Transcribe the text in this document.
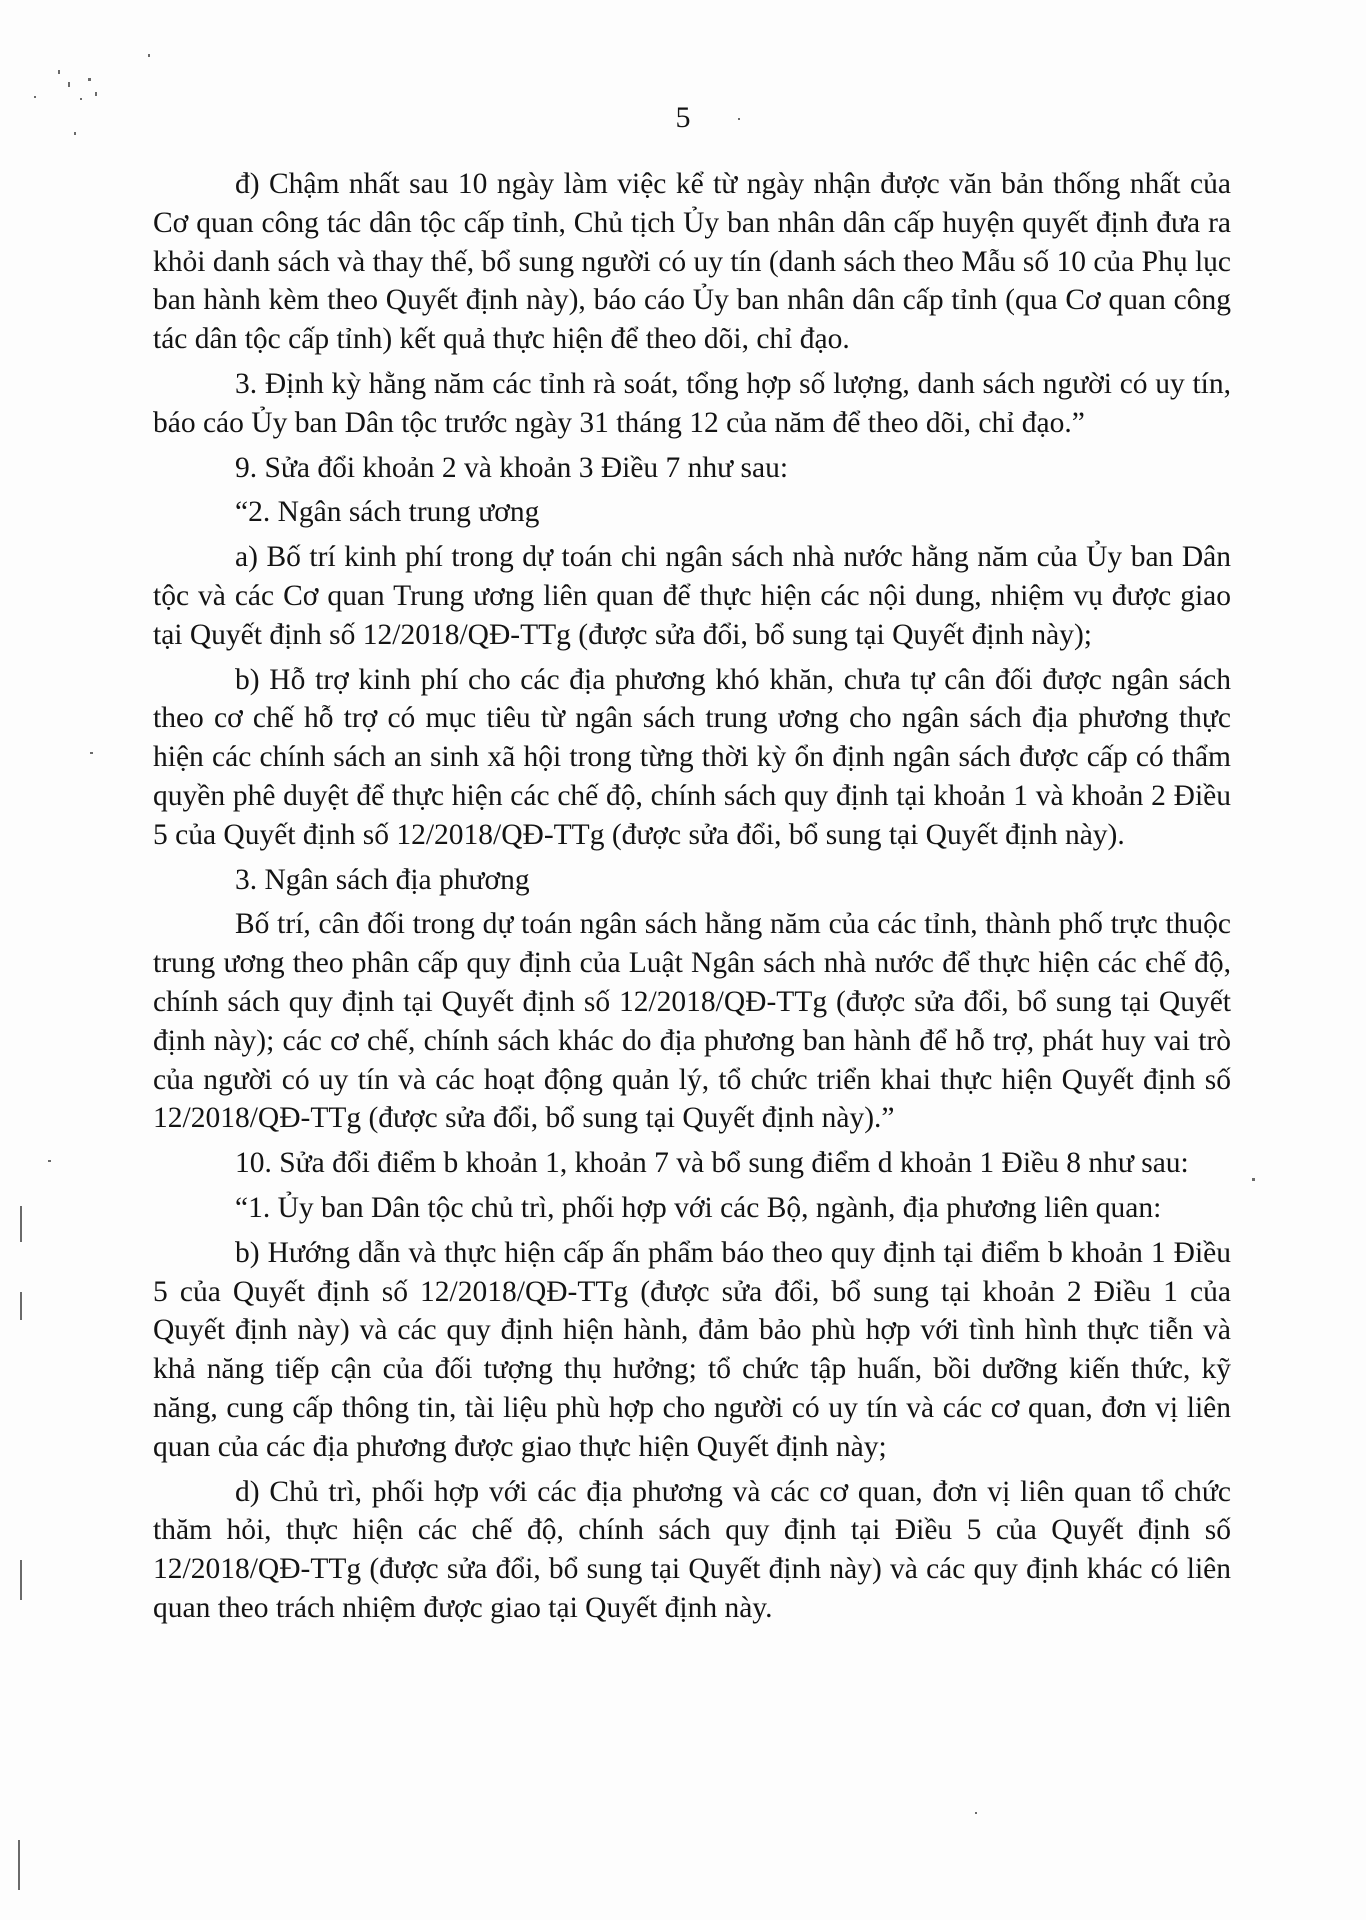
5

đ) Chậm nhất sau 10 ngày làm việc kể từ ngày nhận được văn bản thống nhất của Cơ quan công tác dân tộc cấp tỉnh, Chủ tịch Ủy ban nhân dân cấp huyện quyết định đưa ra khỏi danh sách và thay thế, bổ sung người có uy tín (danh sách theo Mẫu số 10 của Phụ lục ban hành kèm theo Quyết định này), báo cáo Ủy ban nhân dân cấp tỉnh (qua Cơ quan công tác dân tộc cấp tỉnh) kết quả thực hiện để theo dõi, chỉ đạo.

3. Định kỳ hằng năm các tỉnh rà soát, tổng hợp số lượng, danh sách người có uy tín, báo cáo Ủy ban Dân tộc trước ngày 31 tháng 12 của năm để theo dõi, chỉ đạo.”

9. Sửa đổi khoản 2 và khoản 3 Điều 7 như sau:

“2. Ngân sách trung ương

a) Bố trí kinh phí trong dự toán chi ngân sách nhà nước hằng năm của Ủy ban Dân tộc và các Cơ quan Trung ương liên quan để thực hiện các nội dung, nhiệm vụ được giao tại Quyết định số 12/2018/QĐ-TTg (được sửa đổi, bổ sung tại Quyết định này);

b) Hỗ trợ kinh phí cho các địa phương khó khăn, chưa tự cân đối được ngân sách theo cơ chế hỗ trợ có mục tiêu từ ngân sách trung ương cho ngân sách địa phương thực hiện các chính sách an sinh xã hội trong từng thời kỳ ổn định ngân sách được cấp có thẩm quyền phê duyệt để thực hiện các chế độ, chính sách quy định tại khoản 1 và khoản 2 Điều 5 của Quyết định số 12/2018/QĐ-TTg (được sửa đổi, bổ sung tại Quyết định này).

3. Ngân sách địa phương

Bố trí, cân đối trong dự toán ngân sách hằng năm của các tỉnh, thành phố trực thuộc trung ương theo phân cấp quy định của Luật Ngân sách nhà nước để thực hiện các chế độ, chính sách quy định tại Quyết định số 12/2018/QĐ-TTg (được sửa đổi, bổ sung tại Quyết định này); các cơ chế, chính sách khác do địa phương ban hành để hỗ trợ, phát huy vai trò của người có uy tín và các hoạt động quản lý, tổ chức triển khai thực hiện Quyết định số 12/2018/QĐ-TTg (được sửa đổi, bổ sung tại Quyết định này).”

10. Sửa đổi điểm b khoản 1, khoản 7 và bổ sung điểm d khoản 1 Điều 8 như sau:

“1. Ủy ban Dân tộc chủ trì, phối hợp với các Bộ, ngành, địa phương liên quan:

b) Hướng dẫn và thực hiện cấp ấn phẩm báo theo quy định tại điểm b khoản 1 Điều 5 của Quyết định số 12/2018/QĐ-TTg (được sửa đổi, bổ sung tại khoản 2 Điều 1 của Quyết định này) và các quy định hiện hành, đảm bảo phù hợp với tình hình thực tiễn và khả năng tiếp cận của đối tượng thụ hưởng; tổ chức tập huấn, bồi dưỡng kiến thức, kỹ năng, cung cấp thông tin, tài liệu phù hợp cho người có uy tín và các cơ quan, đơn vị liên quan của các địa phương được giao thực hiện Quyết định này;

d) Chủ trì, phối hợp với các địa phương và các cơ quan, đơn vị liên quan tổ chức thăm hỏi, thực hiện các chế độ, chính sách quy định tại Điều 5 của Quyết định số 12/2018/QĐ-TTg (được sửa đổi, bổ sung tại Quyết định này) và các quy định khác có liên quan theo trách nhiệm được giao tại Quyết định này.
